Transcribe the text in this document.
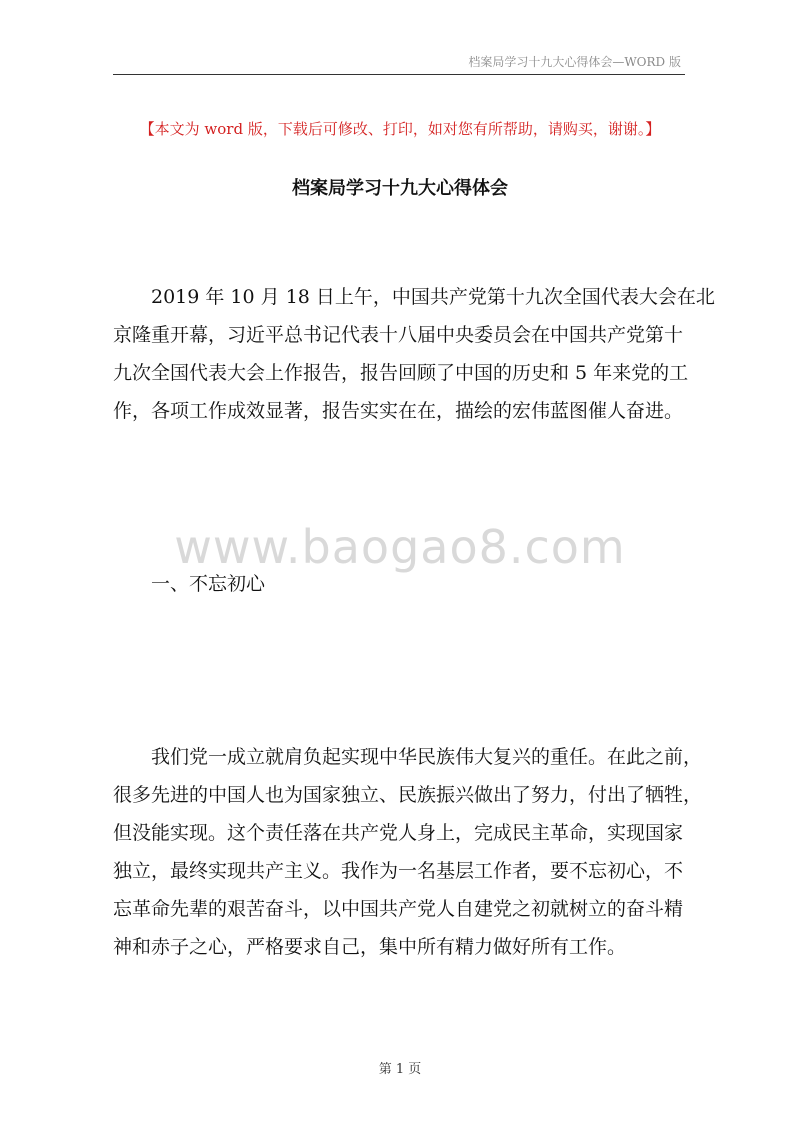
档案局学习十九大心得体会—WORD 版
【本文为 word 版，下载后可修改、打印，如对您有所帮助，请购买，谢谢。】
档案局学习十九大心得体会

2019 年 10 月 18 日上午，中国共产党第十九次全国代表大会在北
京隆重开幕，习近平总书记代表十八届中央委员会在中国共产党第十
九次全国代表大会上作报告，报告回顾了中国的历史和 5 年来党的工
作，各项工作成效显著，报告实实在在，描绘的宏伟蓝图催人奋进。

www.baogao8.com
一、不忘初心

我们党一成立就肩负起实现中华民族伟大复兴的重任。在此之前，
很多先进的中国人也为国家独立、民族振兴做出了努力，付出了牺牲，
但没能实现。这个责任落在共产党人身上，完成民主革命，实现国家
独立，最终实现共产主义。我作为一名基层工作者，要不忘初心，不
忘革命先辈的艰苦奋斗，以中国共产党人自建党之初就树立的奋斗精
神和赤子之心，严格要求自己，集中所有精力做好所有工作。

第 1 页
